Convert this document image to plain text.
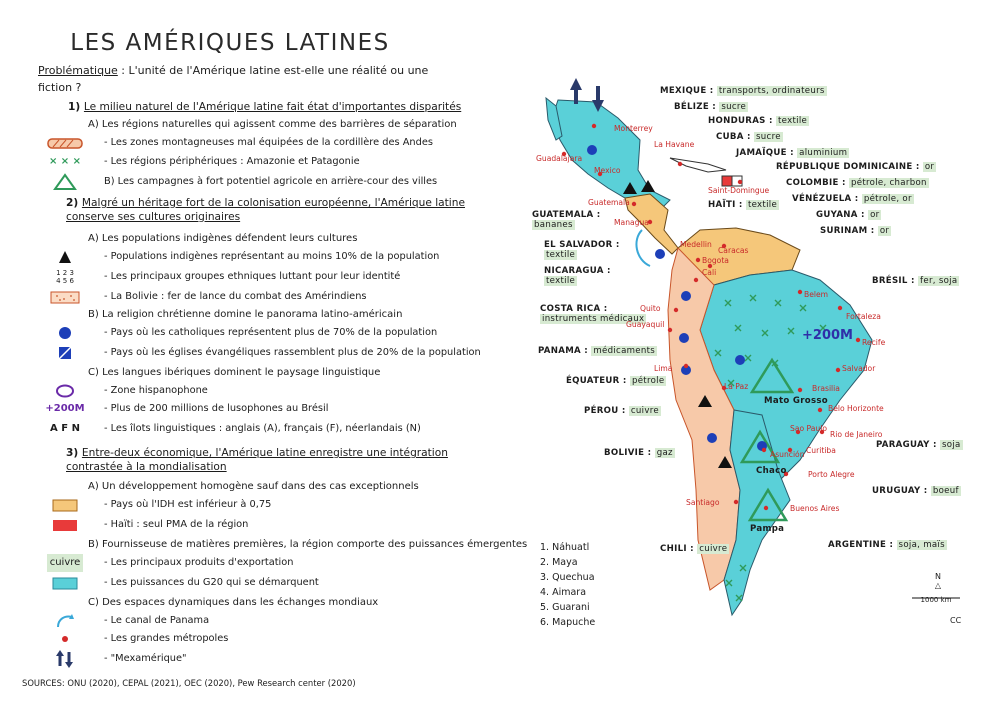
LES AMÉRIQUES LATINES
Problématique : L'unité de l'Amérique latine est-elle une réalité ou une fiction ?
1) Le milieu naturel de l'Amérique latine fait état d'importantes disparités
A) Les régions naturelles qui agissent comme des barrières de séparation
- Les zones montagneuses mal équipées de la cordillère des Andes
× × ×	- Les régions périphériques : Amazonie et Patagonie
B) Les campagnes à fort potentiel agricole en arrière-cour des villes
2) Malgré un héritage fort de la colonisation européenne, l'Amérique latine conserve ses cultures originaires
A) Les populations indigènes défendent leurs cultures
- Populations indigènes représentant au moins 10% de la population
1 2 3
4 5 6	- Les principaux groupes ethniques luttant pour leur identité
- La Bolivie : fer de lance du combat des Amérindiens
B) La religion chrétienne domine le panorama latino-américain
- Pays où les catholiques représentent plus de 70% de la population
- Pays où les églises évangéliques rassemblent plus de 20% de la population
C) Les langues ibériques dominent le paysage linguistique
- Zone hispanophone
+200M	- Plus de 200 millions de lusophones au Brésil
A F N	- Les îlots linguistiques : anglais (A), français (F), néerlandais (N)
3) Entre-deux économique, l'Amérique latine enregistre une intégration contrastée à la mondialisation
A) Un développement homogène sauf dans des cas exceptionnels
- Pays où l'IDH est inférieur à 0,75
- Haïti : seul PMA de la région
B) Fournisseuse de matières premières, la région comporte des puissances émergentes
cuivre	- Les principaux produits d'exportation
- Les puissances du G20 qui se démarquent
C) Des espaces dynamiques dans les échanges mondiaux
- Le canal de Panama
- Les grandes métropoles
- "Mexamérique"
SOURCES: ONU (2020), CEPAL (2021), OEC (2020), Pew Research center (2020)
MEXIQUE : transports, ordinateurs
BÉLIZE : sucre
HONDURAS : textile
CUBA : sucre
JAMAÏQUE : aluminium
RÉPUBLIQUE DOMINICAINE : or
COLOMBIE : pétrole, charbon
HAÏTI : textile
VÉNÉZUELA : pétrole, or
GUYANA : or
SURINAM : or
GUATEMALA :
bananes
EL SALVADOR :
textile
NICARAGUA :
textile
COSTA RICA :
instruments médicaux
PANAMA : médicaments
ÉQUATEUR : pétrole
PÉROU : cuivre
BOLIVIE : gaz
BRÉSIL : fer, soja
PARAGUAY : soja
URUGUAY : boeuf
ARGENTINE : soja, maïs
CHILI : cuivre
Monterrey
Guadalajara
Mexico
La Havane
Guatemala
Managua
Saint-Domingue
Caracas
Medellin
Bogota
Cali
Quito
Guayaquil
Lima
La Paz
Belem
Fortaleza
Recife
Salvador
Brasilia
Belo Horizonte
Sao Paulo
Rio de Janeiro
Curitiba
Asunción
Porto Alegre
Santiago
Buenos Aires
Mato Grosso
Chaco
Pampa
+200M
1. Náhuatl
2. Maya
3. Quechua
4. Aimara
5. Guarani
6. Mapuche
N
△
1000 km
CC
